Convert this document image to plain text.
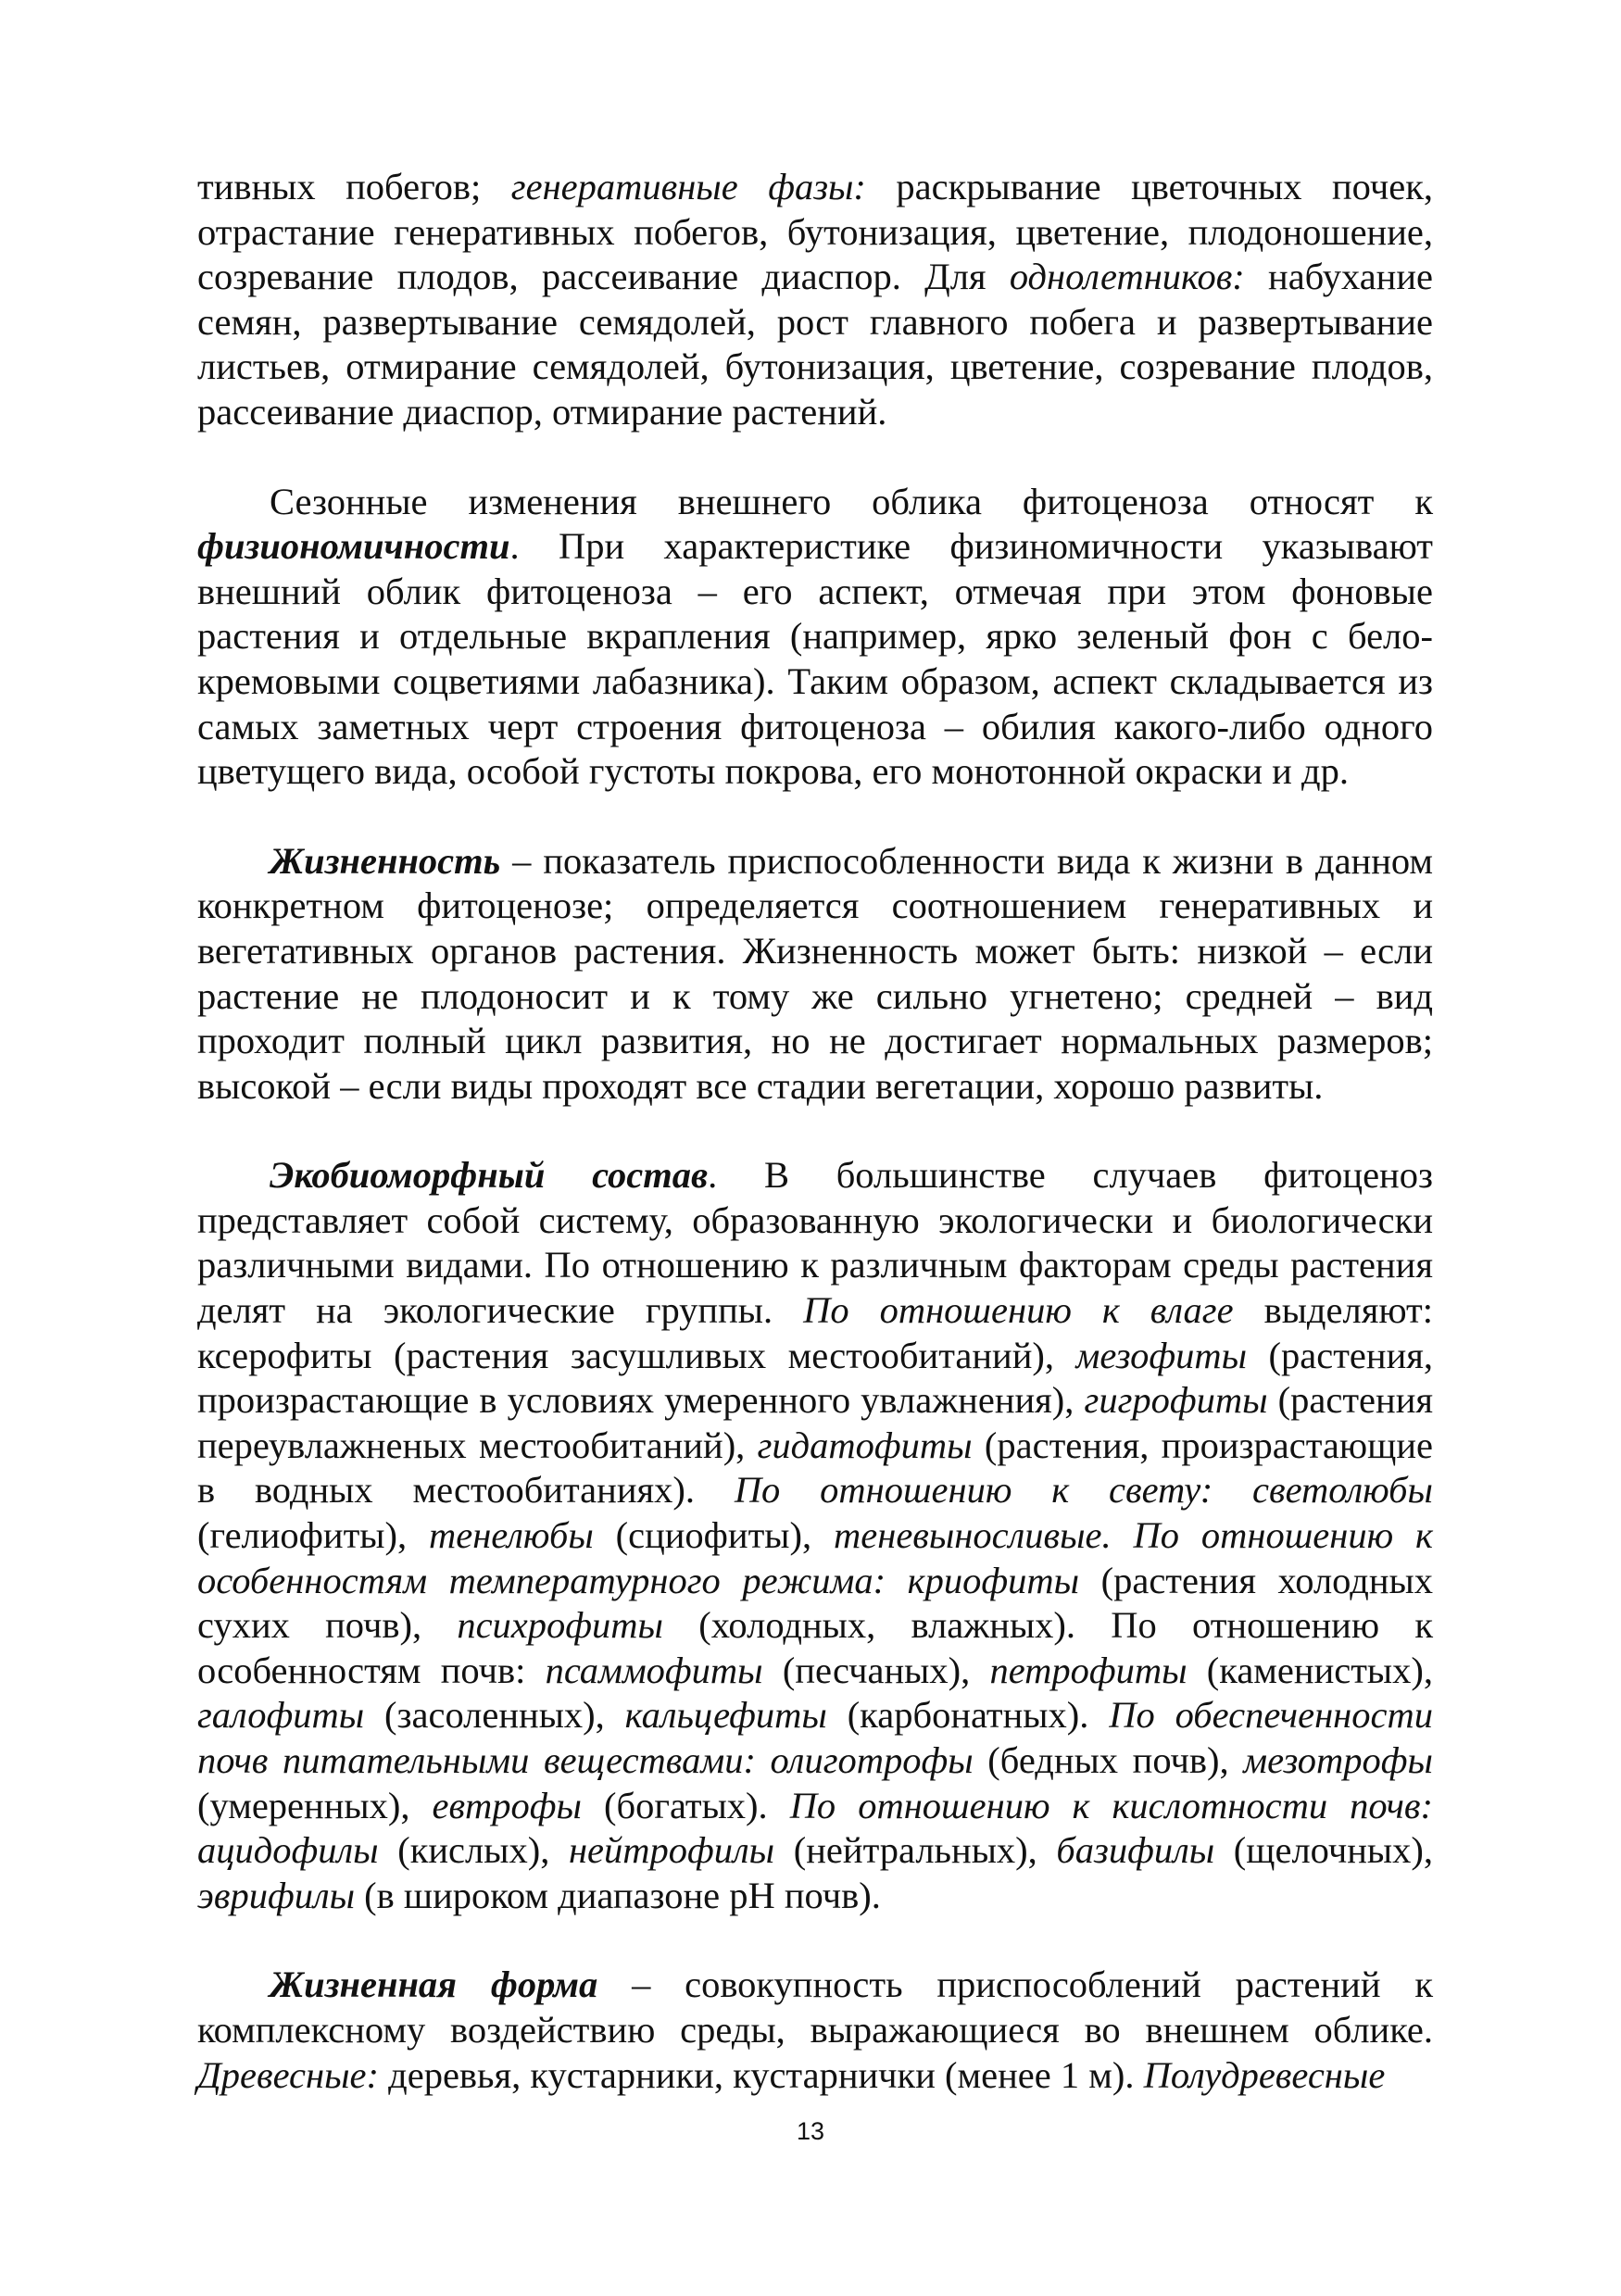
тивных побегов; генеративные фазы: раскрывание цветочных почек, отрастание генеративных побегов, бутонизация, цветение, плодоношение, созревание плодов, рассеивание диаспор. Для однолетников: набухание семян, развертывание семядолей, рост главного побега и развертывание листьев, отмирание семядолей, бутонизация, цветение, созревание плодов, рассеивание диаспор, отмирание растений.

Сезонные изменения внешнего облика фитоценоза относят к физиономичности. При характеристике физиномичности указывают внешний облик фитоценоза – его аспект, отмечая при этом фоновые растения и отдельные вкрапления (например, ярко зеленый фон с бело-кремовыми соцветиями лабазника). Таким образом, аспект складывается из самых заметных черт строения фитоценоза – обилия какого-либо одного цветущего вида, особой густоты покрова, его монотонной окраски и др.

Жизненность – показатель приспособленности вида к жизни в данном конкретном фитоценозе; определяется соотношением генеративных и вегетативных органов растения. Жизненность может быть: низкой – если растение не плодоносит и к тому же сильно угнетено; средней – вид проходит полный цикл развития, но не достигает нормальных размеров; высокой – если виды проходят все стадии вегетации, хорошо развиты.

Экобиоморфный состав. В большинстве случаев фитоценоз представляет собой систему, образованную экологически и биологически различными видами. По отношению к различным факторам среды растения делят на экологические группы. По отношению к влаге выделяют: ксерофиты (растения засушливых местообитаний), мезофиты (растения, произрастающие в условиях умеренного увлажнения), гигрофиты (растения переувлажненых местообитаний), гидатофиты (растения, произрастающие в водных местообитаниях). По отношению к свету: светолюбы (гелиофиты), тенелюбы (сциофиты), теневыносливые. По отношению к особенностям температурного режима: криофиты (растения холодных сухих почв), психрофиты (холодных, влажных). По отношению к особенностям почв: псаммофиты (песчаных), петрофиты (каменистых), галофиты (засоленных), кальцефиты (карбонатных). По обеспеченности почв питательными веществами: олиготрофы (бедных почв), мезотрофы (умеренных), евтрофы (богатых). По отношению к кислотности почв: ацидофилы (кислых), нейтрофилы (нейтральных), базифилы (щелочных), эврифилы (в широком диапазоне рН почв).

Жизненная форма – совокупность приспособлений растений к комплексному воздействию среды, выражающиеся во внешнем облике. Древесные: деревья, кустарники, кустарнички (менее 1 м). Полудревесные

13
